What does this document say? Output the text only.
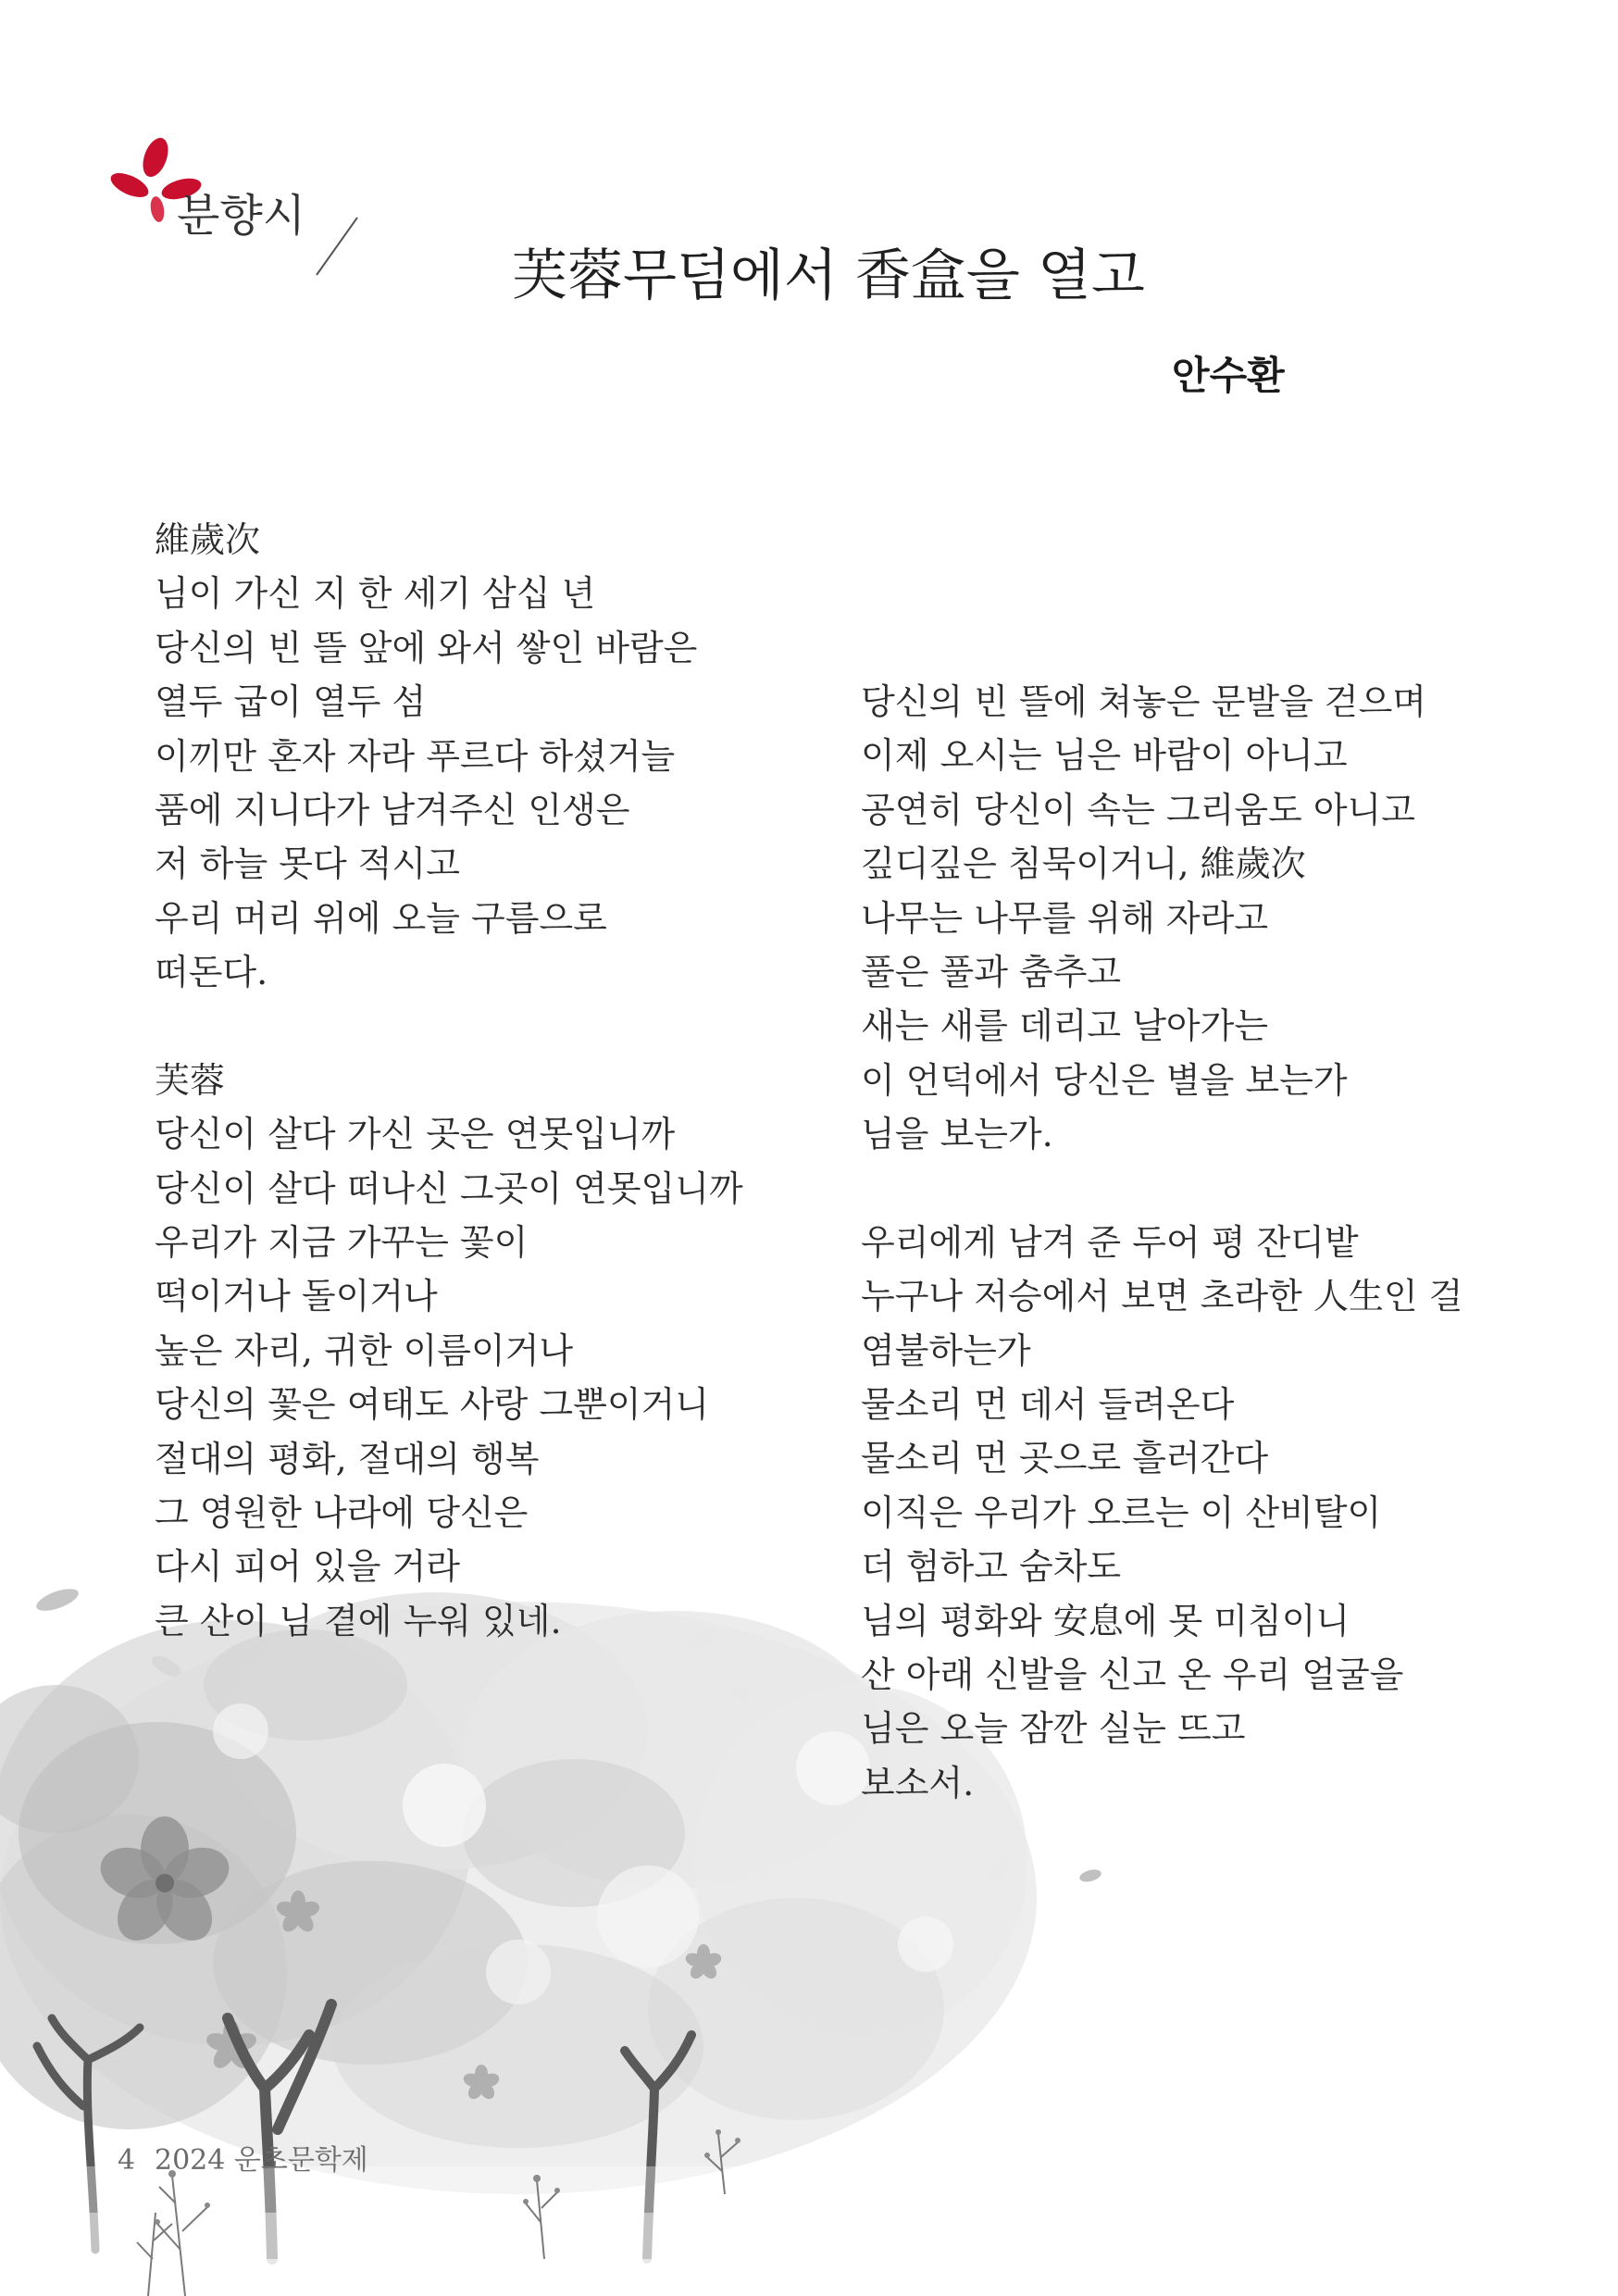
분향시
芙蓉무덤에서 香盒을 열고
안수환
維歲次
님이 가신 지 한 세기 삼십 년
당신의 빈 뜰 앞에 와서 쌓인 바람은
열두 굽이 열두 섬
이끼만 혼자 자라 푸르다 하셨거늘
품에 지니다가 남겨주신 인생은
저 하늘 못다 적시고
우리 머리 위에 오늘 구름으로
떠돈다.
芙蓉
당신이 살다 가신 곳은 연못입니까
당신이 살다 떠나신 그곳이 연못입니까
우리가 지금 가꾸는 꽃이
떡이거나 돌이거나
높은 자리, 귀한 이름이거나
당신의 꽃은 여태도 사랑 그뿐이거니
절대의 평화, 절대의 행복
그 영원한 나라에 당신은
다시 피어 있을 거라
큰 산이 님 곁에 누워 있네.
당신의 빈 뜰에 쳐놓은 문발을 걷으며
이제 오시는 님은 바람이 아니고
공연히 당신이 속는 그리움도 아니고
깊디깊은 침묵이거니, 維歲次
나무는 나무를 위해 자라고
풀은 풀과 춤추고
새는 새를 데리고 날아가는
이 언덕에서 당신은 별을 보는가
님을 보는가.
우리에게 남겨 준 두어 평 잔디밭
누구나 저승에서 보면 초라한 人生인 걸
염불하는가
물소리 먼 데서 들려온다
물소리 먼 곳으로 흘러간다
이직은 우리가 오르는 이 산비탈이
더 험하고 숨차도
님의 평화와 安息에 못 미침이니
산 아래 신발을 신고 온 우리 얼굴을
님은 오늘 잠깐 실눈 뜨고
보소서.
4 2024 운초문학제
